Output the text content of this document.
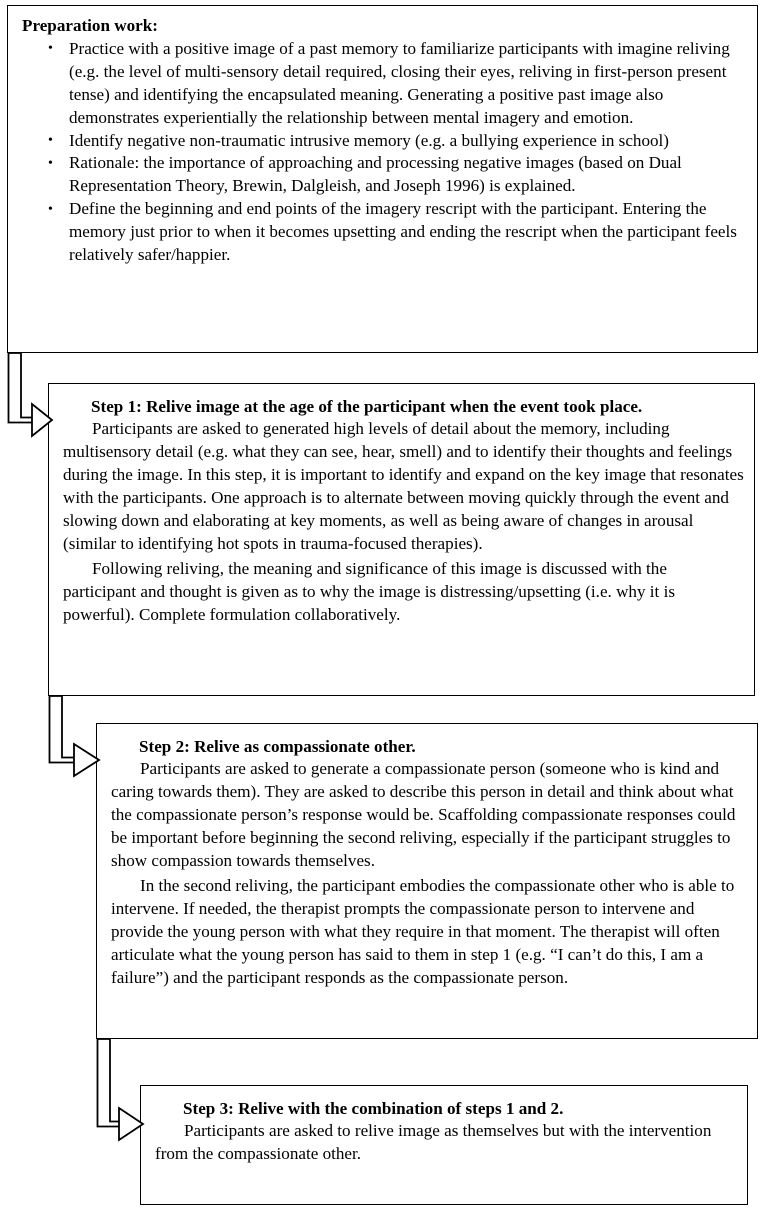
Preparation work:
• Practice with a positive image of a past memory to familiarize participants with imagine reliving (e.g. the level of multi-sensory detail required, closing their eyes, reliving in first-person present tense) and identifying the encapsulated meaning. Generating a positive past image also demonstrates experientially the relationship between mental imagery and emotion.
• Identify negative non-traumatic intrusive memory (e.g. a bullying experience in school)
• Rationale: the importance of approaching and processing negative images (based on Dual Representation Theory, Brewin, Dalgleish, and Joseph 1996) is explained.
• Define the beginning and end points of the imagery rescript with the participant. Entering the memory just prior to when it becomes upsetting and ending the rescript when the participant feels relatively safer/happier.
Step 1: Relive image at the age of the participant when the event took place.

Participants are asked to generated high levels of detail about the memory, including multisensory detail (e.g. what they can see, hear, smell) and to identify their thoughts and feelings during the image. In this step, it is important to identify and expand on the key image that resonates with the participants. One approach is to alternate between moving quickly through the event and slowing down and elaborating at key moments, as well as being aware of changes in arousal (similar to identifying hot spots in trauma-focused therapies).

Following reliving, the meaning and significance of this image is discussed with the participant and thought is given as to why the image is distressing/upsetting (i.e. why it is powerful). Complete formulation collaboratively.

Step 2: Relive as compassionate other.

Participants are asked to generate a compassionate person (someone who is kind and caring towards them). They are asked to describe this person in detail and think about what the compassionate person’s response would be. Scaffolding compassionate responses could be important before beginning the second reliving, especially if the participant struggles to show compassion towards themselves.

In the second reliving, the participant embodies the compassionate other who is able to intervene. If needed, the therapist prompts the compassionate person to intervene and provide the young person with what they require in that moment. The therapist will often articulate what the young person has said to them in step 1 (e.g. “I can’t do this, I am a failure”) and the participant responds as the compassionate person.

Step 3: Relive with the combination of steps 1 and 2.

Participants are asked to relive image as themselves but with the intervention from the compassionate other.
